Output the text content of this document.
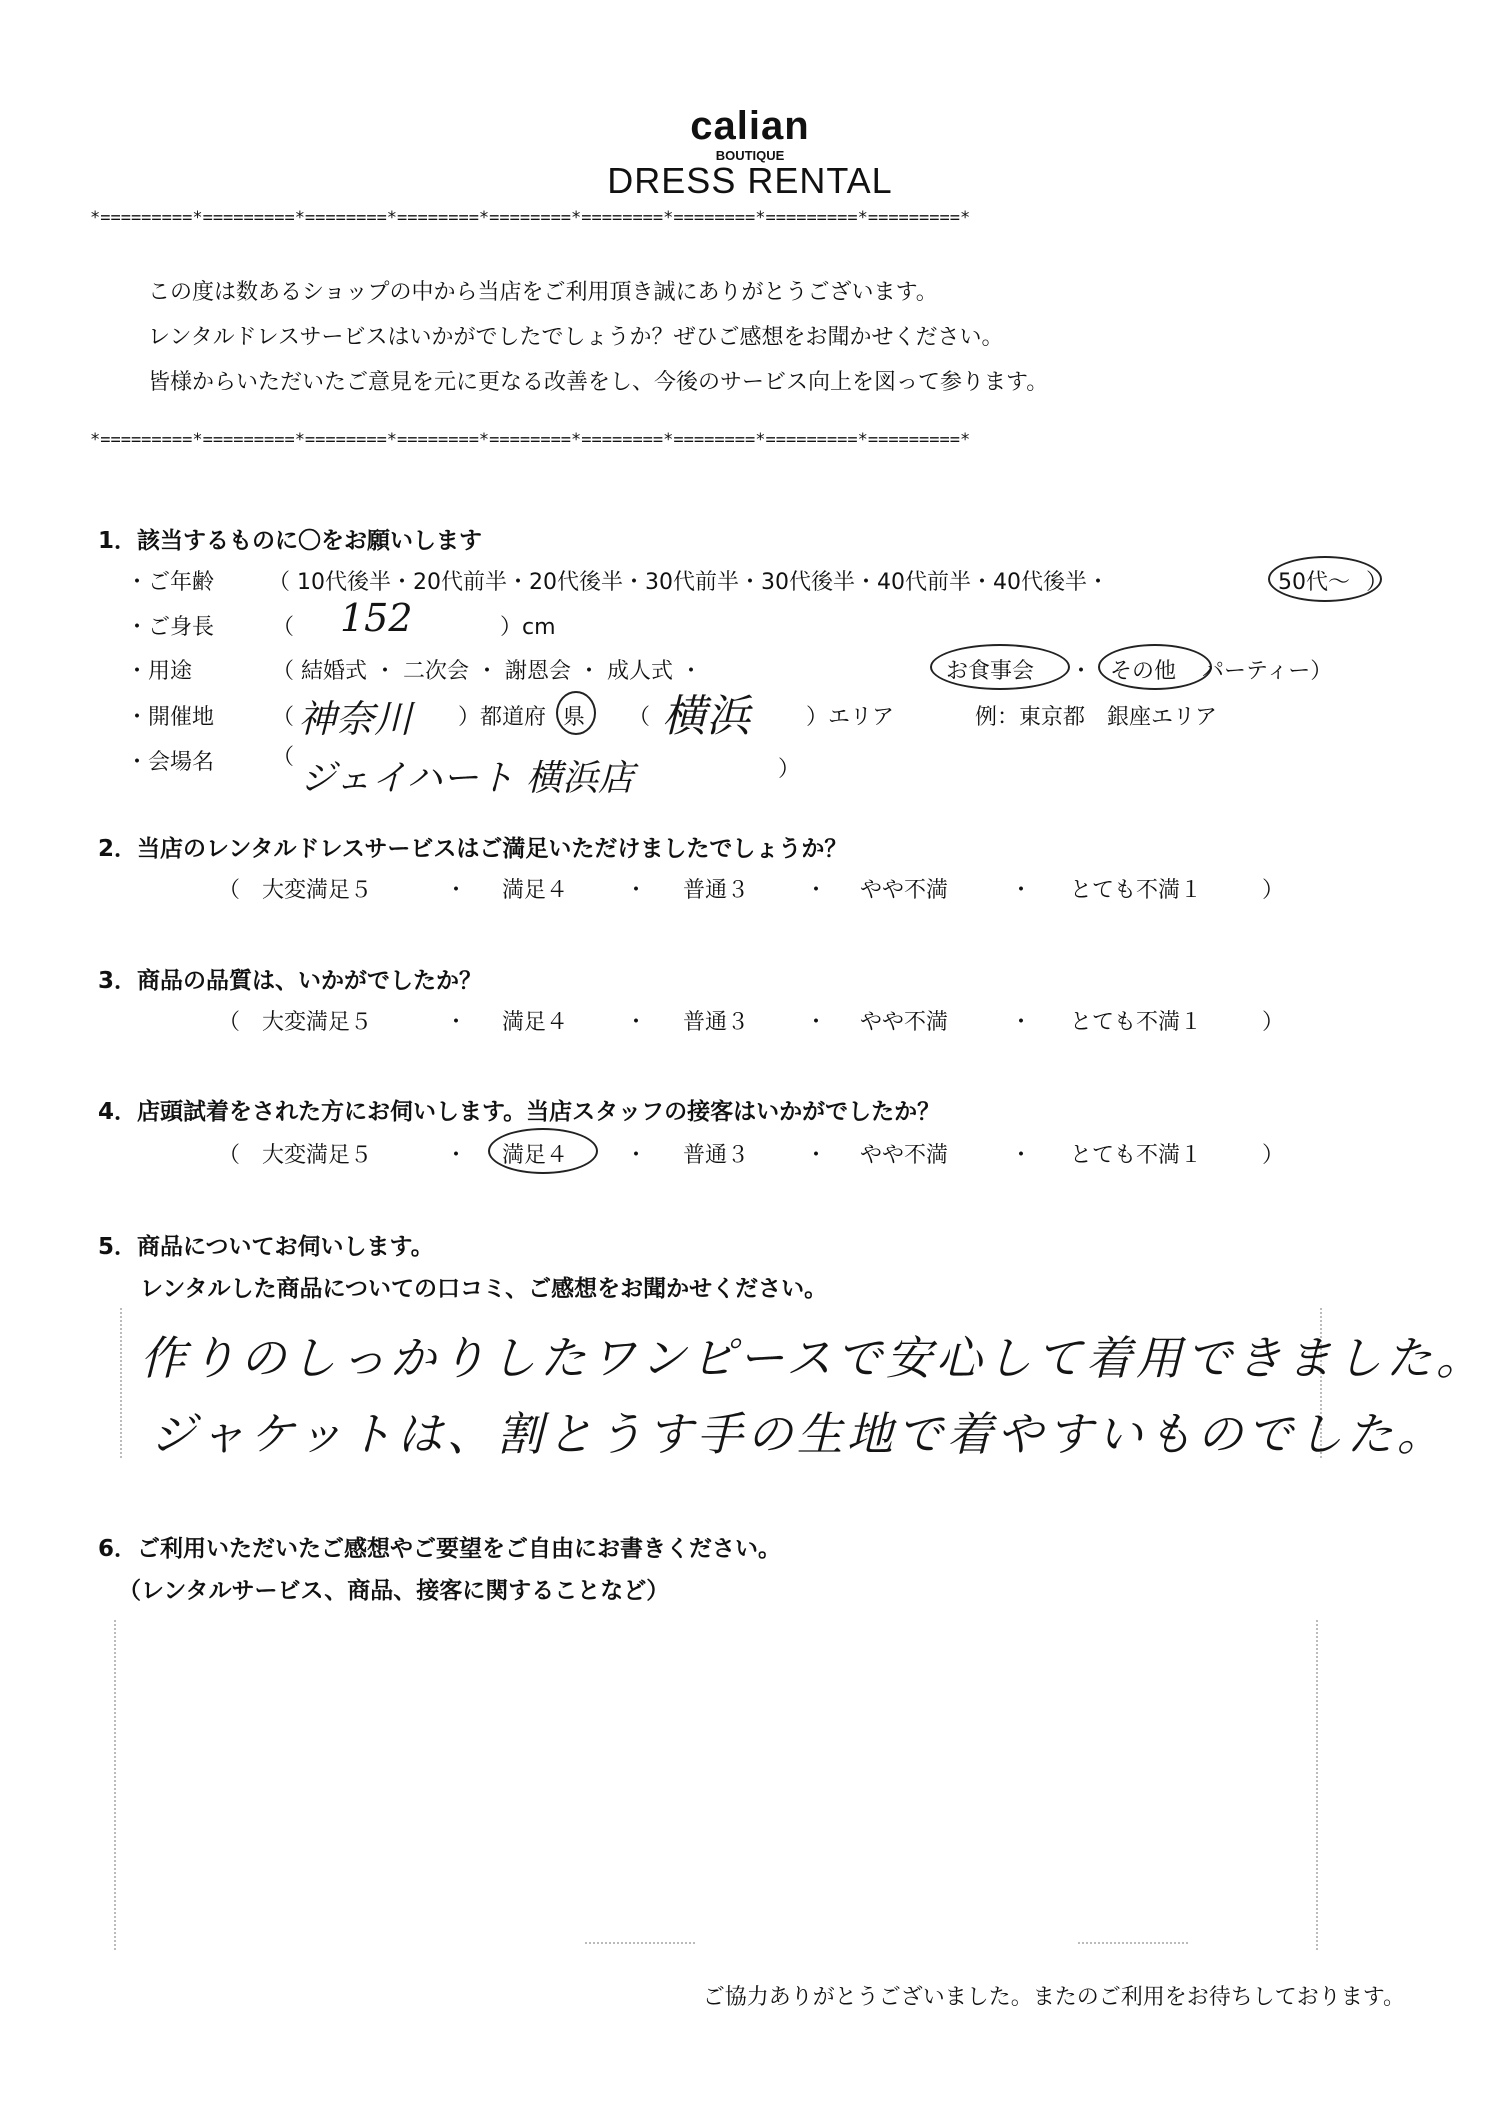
calian
BOUTIQUE
DRESS RENTAL
*=========*=========*========*========*========*========*========*=========*=========*
この度は数あるショップの中から当店をご利用頂き誠にありがとうございます。
レンタルドレスサービスはいかがでしたでしょうか？ぜひご感想をお聞かせください。
皆様からいただいたご意見を元に更なる改善をし、今後のサービス向上を図って参ります。
*=========*=========*========*========*========*========*========*=========*=========*
1．該当するものに〇をお願いします
・ご年齢 （ 10代後半・20代前半・20代後半・30代前半・30代後半・40代前半・40代後半・	50代～ ）
・ご身長	（ 152	）cm
・用途	（ 結婚式 ・ 二次会 ・ 謝恩会 ・ 成人式 ・	お食事会 ・ その他 パーティー）
・開催地	（ 神奈川 ）都道府 県 （ 横浜	）エリア	例：東京都　銀座エリア
・会場名	（
ジェイハート 横浜店	）
2．当店のレンタルドレスサービスはご満足いただけましたでしょうか？
（ 大変満足５	・ 満足４	・ 普通３	・ やや不満	・ とても不満１	）
3．商品の品質は、いかがでしたか？
（ 大変満足５	・ 満足４	・ 普通３	・ やや不満	・ とても不満１	）
4．店頭試着をされた方にお伺いします。当店スタッフの接客はいかがでしたか？
（ 大変満足５	・ 満足４	・ 普通３	・ やや不満	・ とても不満１	）
5．商品についてお伺いします。
レンタルした商品についての口コミ、ご感想をお聞かせください。
作りのしっかりしたワンピースで安心して着用できました。
ジャケットは、割とうす手の生地で着やすいものでした。
6．ご利用いただいたご感想やご要望をご自由にお書きください。
（レンタルサービス、商品、接客に関することなど）
ご協力ありがとうございました。またのご利用をお待ちしております。
